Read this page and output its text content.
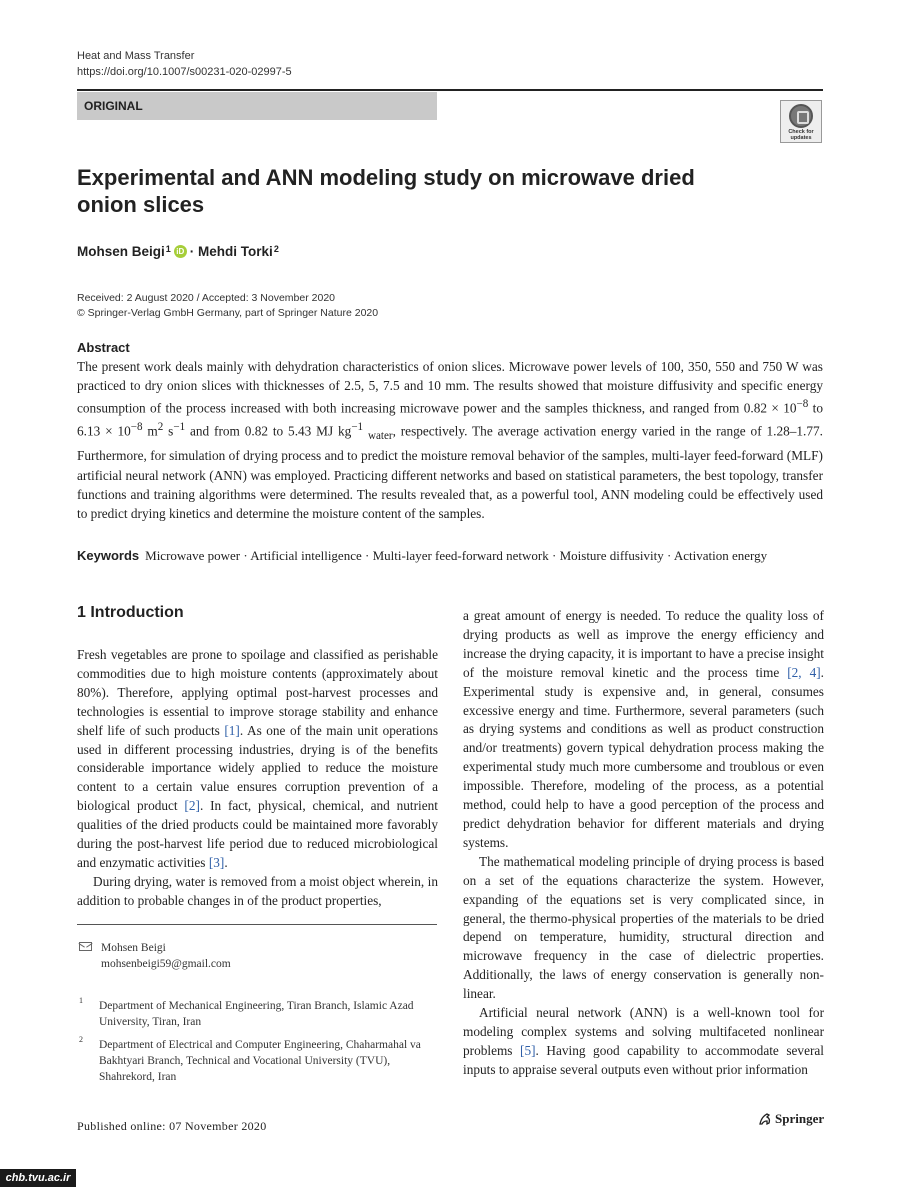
Heat and Mass Transfer
https://doi.org/10.1007/s00231-020-02997-5
ORIGINAL
Check for updates
Experimental and ANN modeling study on microwave dried onion slices
Mohsen Beigi$^1$ iD ·
Mehdi Torki$^2$
Received: 2 August 2020 / Accepted: 3 November 2020
© Springer-Verlag GmbH Germany, part of Springer Nature 2020
Abstract
The present work deals mainly with dehydration characteristics of onion slices. Microwave power levels of 100, 350, 550 and 750 W was practiced to dry onion slices with thicknesses of 2.5, 5, 7.5 and 10 mm. The results showed that moisture diffusivity and specific energy consumption of the process increased with both increasing microwave power and the samples thickness, and ranged from $0.82 \times 10^{-8}$ to $6.13 \times 10^{-8}$ $m^2$ $s^{-1}$ and from 0.82 to 5.43 MJ $kg^{-1}$ $_{water}$, respectively. The average activation energy varied in the range of 1.28–1.77. Furthermore, for simulation of drying process and to predict the moisture removal behavior of the samples, multi-layer feed-forward (MLF) artificial neural network (ANN) was employed. Practicing different networks and based on statistical parameters, the best topology, transfer functions and training algorithms were determined. The results revealed that, as a powerful tool, ANN modeling could be effectively used to predict drying kinetics and determine the moisture content of the samples.
Keywords Microwave power · Artificial intelligence · Multi-layer feed-forward network · Moisture diffusivity · Activation energy
1 Introduction

Fresh vegetables are prone to spoilage and classified as perishable commodities due to high moisture contents (approximately about 80%). Therefore, applying optimal post-harvest processes and technologies is essential to improve storage stability and enhance shelf life of such products [1]. As one of the main unit operations used in different processing industries, drying is of the benefits considerable importance widely applied to reduce the moisture content to a certain value ensures corruption prevention of a biological product [2]. In fact, physical, chemical, and nutrient qualities of the dried products could be maintained more favorably during the post-harvest life period due to reduced microbiological and enzymatic activities [3].

During drying, water is removed from a moist object wherein, in addition to probable changes in of the product properties,

a great amount of energy is needed. To reduce the quality loss of drying products as well as improve the energy efficiency and increase the drying capacity, it is important to have a precise insight of the moisture removal kinetic and the process time [2, 4]. Experimental study is expensive and, in general, consumes excessive energy and time. Furthermore, several parameters (such as drying systems and conditions as well as product construction and/or treatments) govern typical dehydration process making the experimental study much more cumbersome and troublous or even impossible. Therefore, modeling of the process, as a potential method, could help to have a good perception of the process and predict dehydration behavior for different materials and drying systems.

The mathematical modeling principle of drying process is based on a set of the equations characterize the system. However, expanding of the equations set is very complicated since, in general, the thermo-physical properties of the materials to be dried depend on temperature, humidity, structural direction and microwave frequency in the case of dielectric properties. Additionally, the laws of energy conservation is generally non-linear.

Artificial neural network (ANN) is a well-known tool for modeling complex systems and solving multifaceted nonlinear problems [5]. Having good capability to accommodate several inputs to appraise several outputs even without prior information

Mohsen Beigi
mohsenbeigi59@gmail.com
1 Department of Mechanical Engineering, Tiran Branch, Islamic Azad University, Tiran, Iran
2 Department of Electrical and Computer Engineering, Chaharmahal va Bakhtyari Branch, Technical and Vocational University (TVU), Shahrekord, Iran
Published online: 07 November 2020	Springer
chb.tvu.ac.ir
